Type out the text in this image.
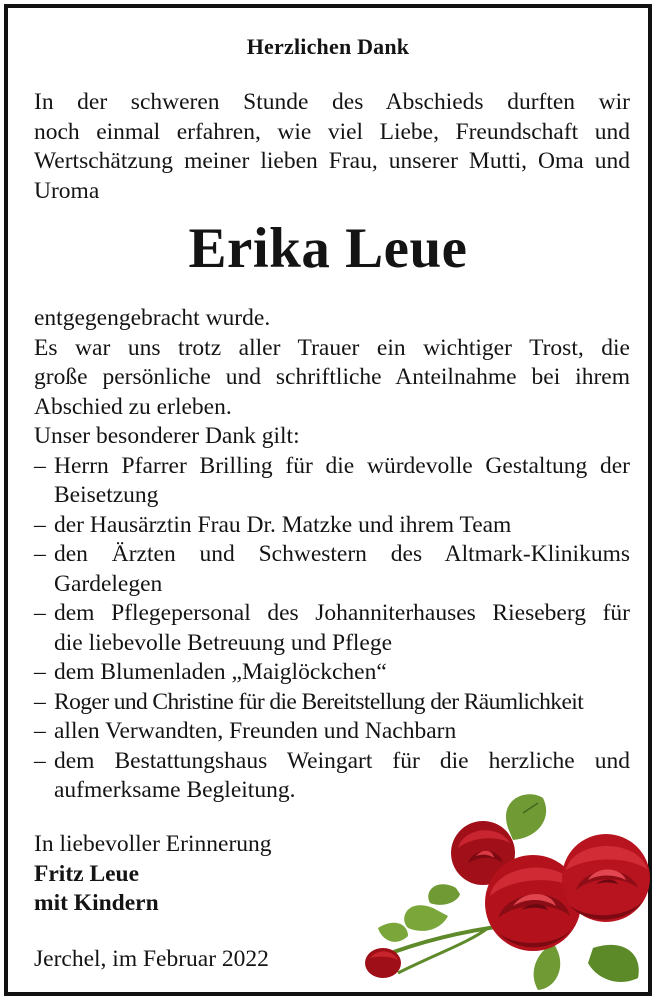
Herzlichen Dank
In der schweren Stunde des Abschieds durften wir
noch einmal erfahren, wie viel Liebe, Freundschaft und
Wertschätzung meiner lieben Frau, unserer Mutti, Oma und
Uroma
Erika Leue
entgegengebracht wurde.
Es war uns trotz aller Trauer ein wichtiger Trost, die
große persönliche und schriftliche Anteilnahme bei ihrem
Abschied zu erleben.
Unser besonderer Dank gilt:
– Herrn Pfarrer Brilling für die würdevolle Gestaltung der
Beisetzung
– der Hausärztin Frau Dr. Matzke und ihrem Team
– den Ärzten und Schwestern des Altmark-Klinikums
Gardelegen
– dem Pflegepersonal des Johanniterhauses Rieseberg für
die liebevolle Betreuung und Pflege
– dem Blumenladen „Maiglöckchen“
– Roger und Christine für die Bereitstellung der Räumlichkeit
– allen Verwandten, Freunden und Nachbarn
– dem Bestattungshaus Weingart für die herzliche und
aufmerksame Begleitung.
In liebevoller Erinnerung
Fritz Leue
mit Kindern
Jerchel, im Februar 2022
